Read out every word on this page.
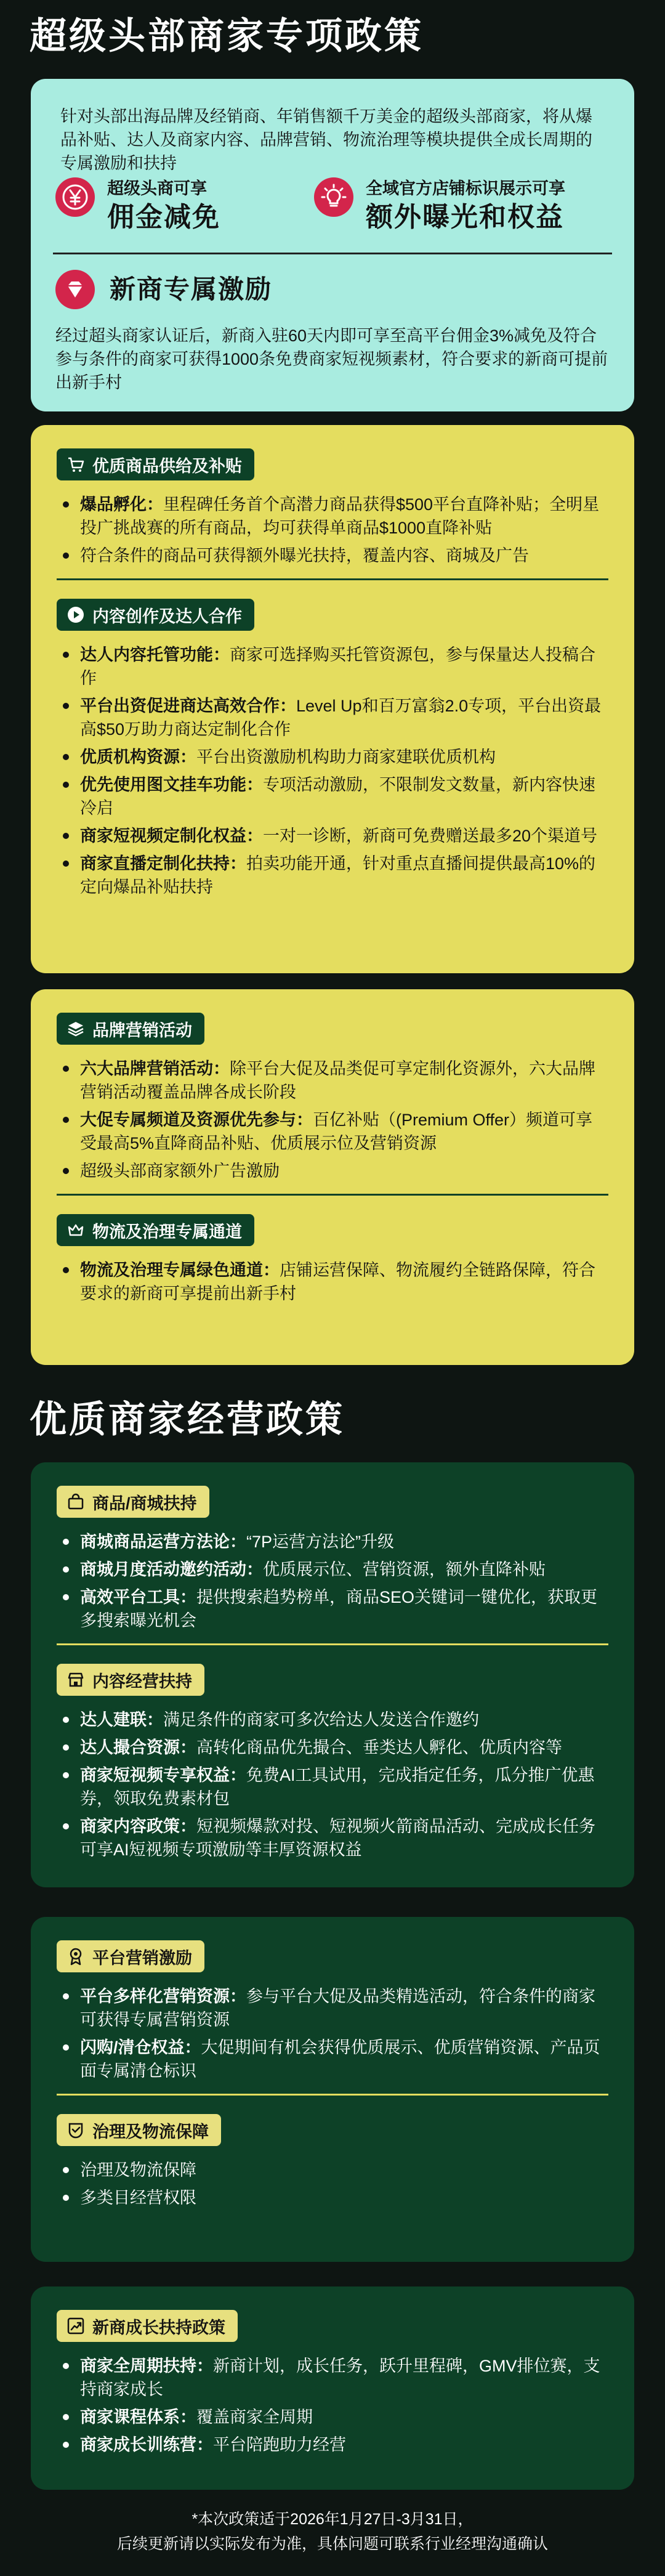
超级头部商家专项政策

针对头部出海品牌及经销商、年销售额千万美金的超级头部商家，将从爆品补贴、达人及商家内容、品牌营销、物流治理等模块提供全成长周期的专属激励和扶持

超级头商可享
佣金减免
全域官方店铺标识展示可享
额外曝光和权益
新商专属激励

经过超头商家认证后，新商入驻60天内即可享至高平台佣金3%减免及符合参与条件的商家可获得1000条免费商家短视频素材，符合要求的新商可提前出新手村

优质商品供给及补贴
爆品孵化：里程碑任务首个高潜力商品获得$500平台直降补贴；全明星投广挑战赛的所有商品，均可获得单商品$1000直降补贴
符合条件的商品可获得额外曝光扶持，覆盖内容、商城及广告
内容创作及达人合作
达人内容托管功能：商家可选择购买托管资源包，参与保量达人投稿合作
平台出资促进商达高效合作：Level Up和百万富翁2.0专项，平台出资最高$50万助力商达定制化合作
优质机构资源：平台出资激励机构助力商家建联优质机构
优先使用图文挂车功能：专项活动激励，不限制发文数量，新内容快速冷启
商家短视频定制化权益：一对一诊断，新商可免费赠送最多20个渠道号
商家直播定制化扶持：拍卖功能开通，针对重点直播间提供最高10%的定向爆品补贴扶持
品牌营销活动
六大品牌营销活动：除平台大促及品类促可享定制化资源外，六大品牌营销活动覆盖品牌各成长阶段
大促专属频道及资源优先参与：百亿补贴（(Premium Offer）频道可享受最高5%直降商品补贴、优质展示位及营销资源
超级头部商家额外广告激励
物流及治理专属通道
物流及治理专属绿色通道：店铺运营保障、物流履约全链路保障，符合要求的新商可享提前出新手村
优质商家经营政策
商品/商城扶持
商城商品运营方法论：“7P运营方法论”升级
商城月度活动邀约活动：优质展示位、营销资源，额外直降补贴
高效平台工具：提供搜索趋势榜单，商品SEO关键词一键优化，获取更多搜索曝光机会
内容经营扶持
达人建联：满足条件的商家可多次给达人发送合作邀约
达人撮合资源：高转化商品优先撮合、垂类达人孵化、优质内容等
商家短视频专享权益：免费AI工具试用，完成指定任务，瓜分推广优惠券，领取免费素材包
商家内容政策：短视频爆款对投、短视频火箭商品活动、完成成长任务可享AI短视频专项激励等丰厚资源权益
平台营销激励
平台多样化营销资源：参与平台大促及品类精选活动，符合条件的商家可获得专属营销资源
闪购/清仓权益：大促期间有机会获得优质展示、优质营销资源、产品页面专属清仓标识
治理及物流保障
治理及物流保障
多类目经营权限
新商成长扶持政策
商家全周期扶持：新商计划，成长任务，跃升里程碑，GMV排位赛，支持商家成长
商家课程体系：覆盖商家全周期
商家成长训练营：平台陪跑助力经营
*本次政策适于2026年1月27日-3月31日，
后续更新请以实际发布为准，具体问题可联系行业经理沟通确认
